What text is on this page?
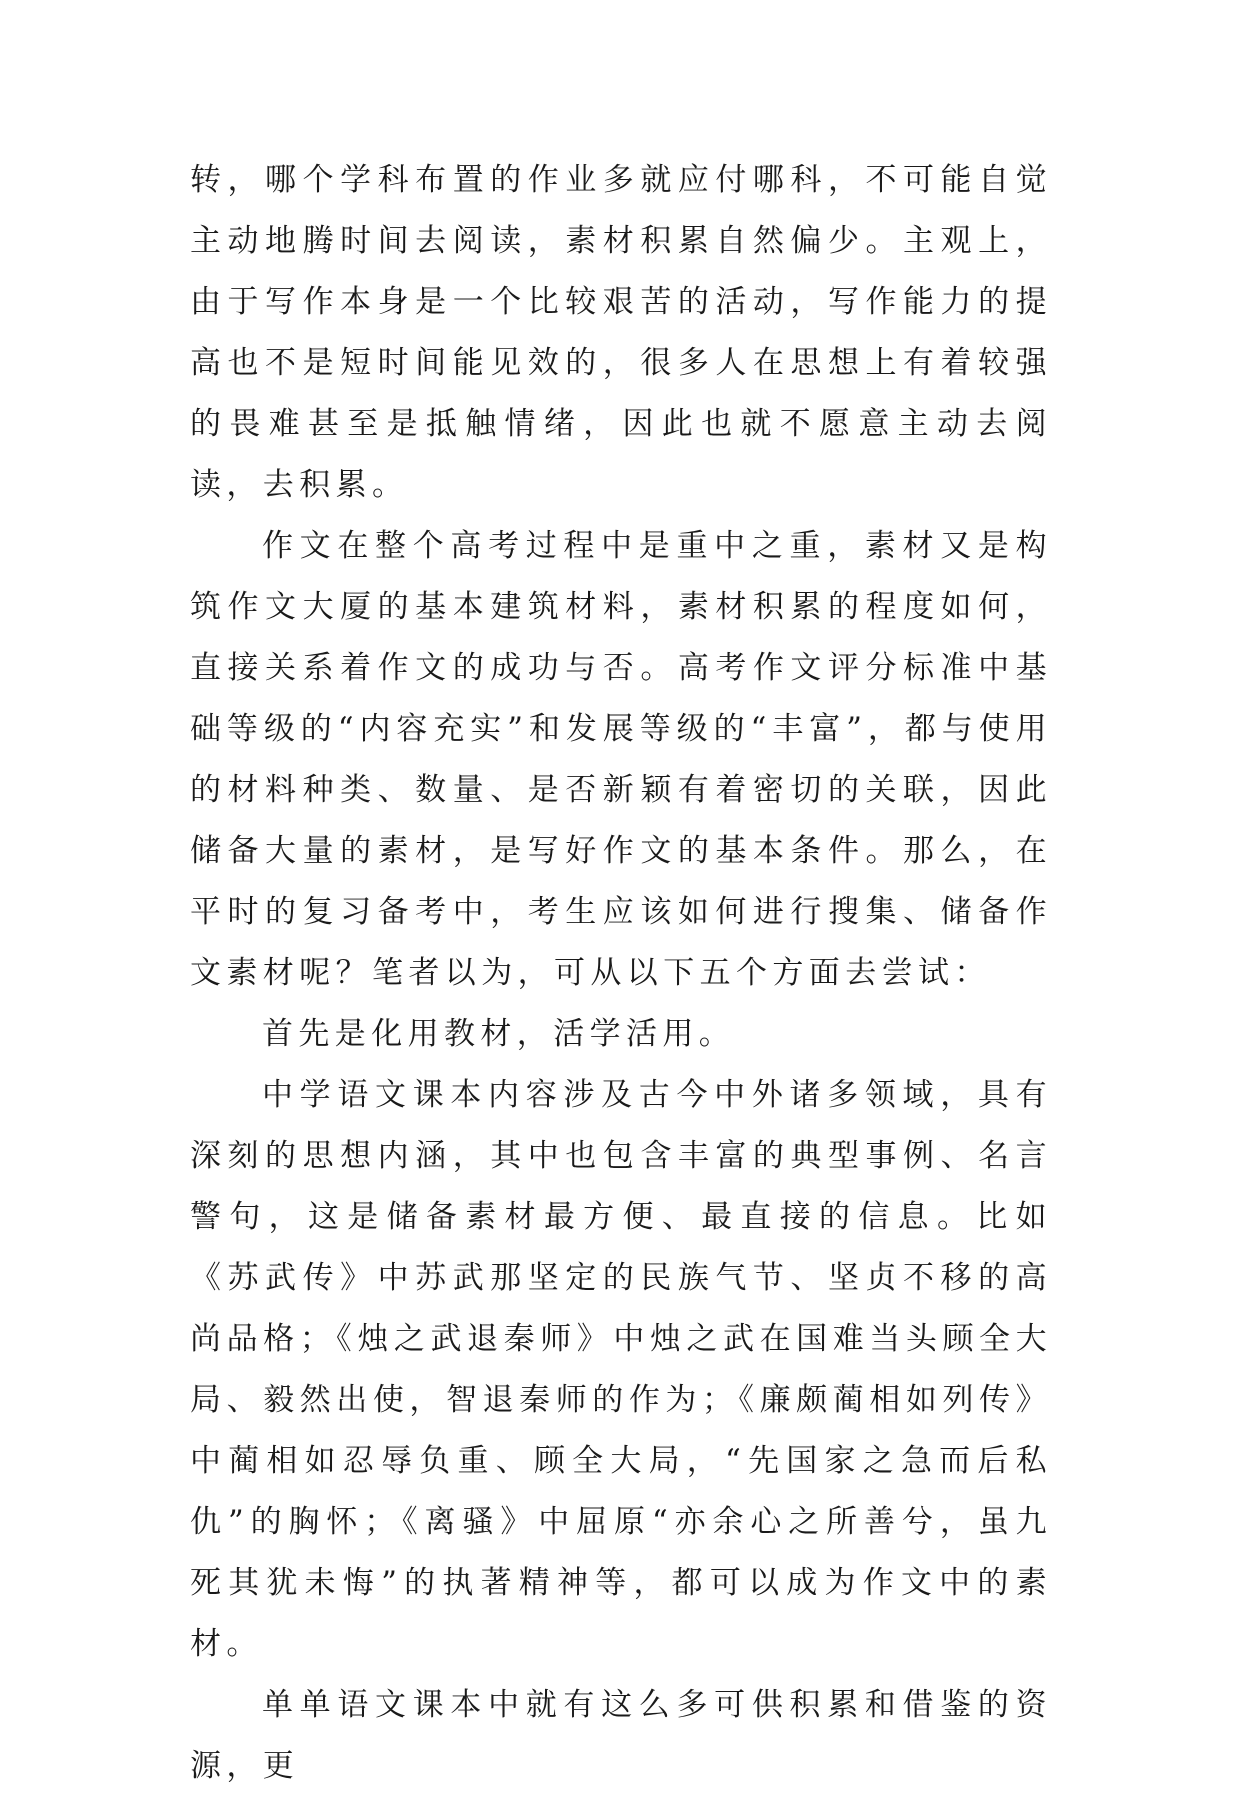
转，哪个学科布置的作业多就应付哪科，不可能自觉主动地腾时间去阅读，素材积累自然偏少。主观上，由于写作本身是一个比较艰苦的活动，写作能力的提高也不是短时间能见效的，很多人在思想上有着较强的畏难甚至是抵触情绪，因此也就不愿意主动去阅读，去积累。

作文在整个高考过程中是重中之重，素材又是构筑作文大厦的基本建筑材料，素材积累的程度如何，直接关系着作文的成功与否。高考作文评分标准中基础等级的“内容充实”和发展等级的“丰富”，都与使用的材料种类、数量、是否新颖有着密切的关联，因此储备大量的素材，是写好作文的基本条件。那么，在平时的复习备考中，考生应该如何进行搜集、储备作文素材呢？笔者以为，可从以下五个方面去尝试：

首先是化用教材，活学活用。

中学语文课本内容涉及古今中外诸多领域，具有深刻的思想内涵，其中也包含丰富的典型事例、名言警句，这是储备素材最方便、最直接的信息。比如《苏武传》中苏武那坚定的民族气节、坚贞不移的高尚品格；《烛之武退秦师》中烛之武在国难当头顾全大局、毅然出使，智退秦师的作为；《廉颇蔺相如列传》中蔺相如忍辱负重、顾全大局，“先国家之急而后私仇”的胸怀；《离骚》中屈原“亦余心之所善兮，虽九死其犹未悔”的执著精神等，都可以成为作文中的素材。

单单语文课本中就有这么多可供积累和借鉴的资源，更
